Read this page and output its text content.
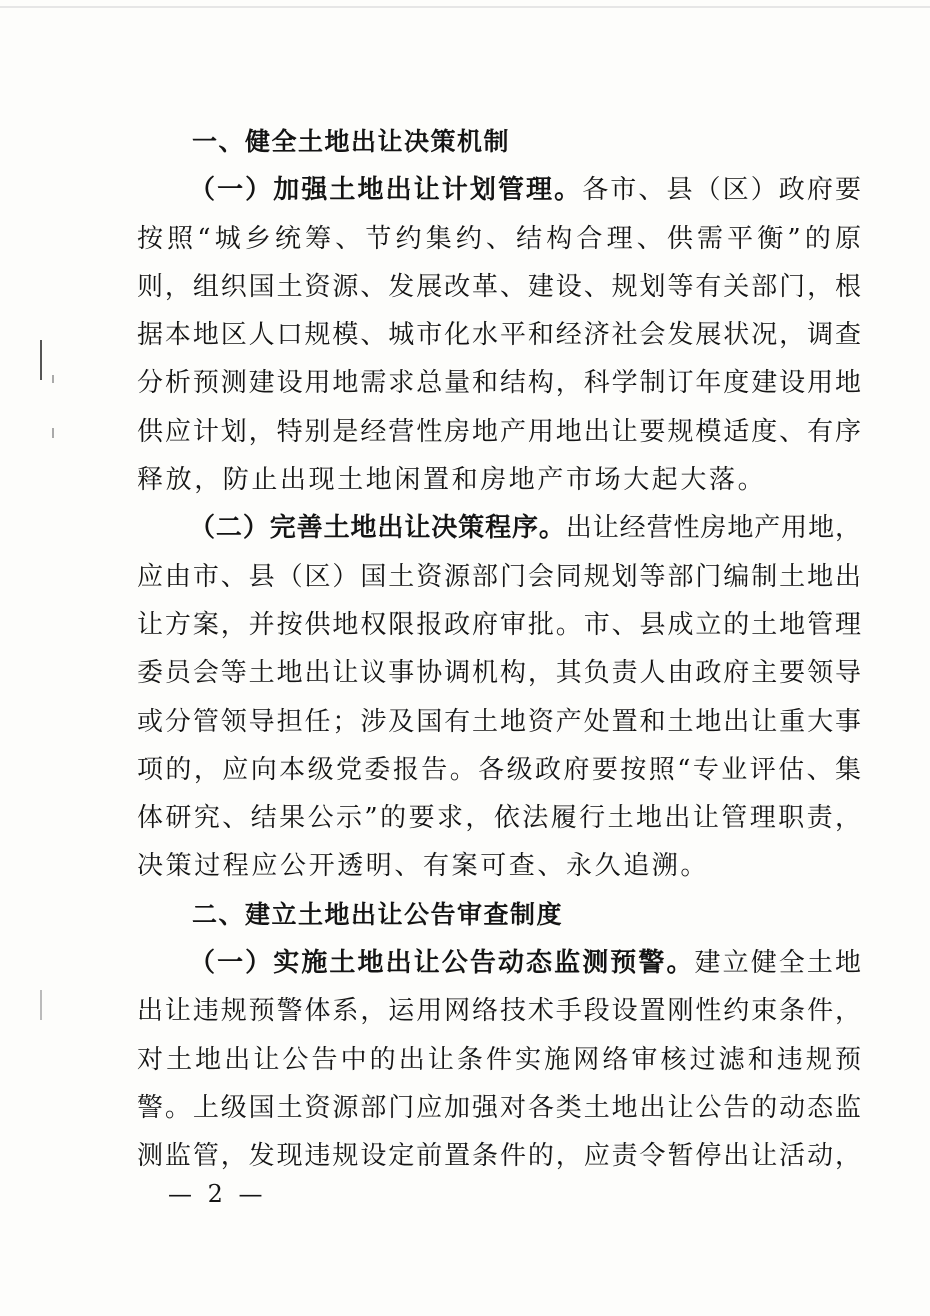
一、健全土地出让决策机制
（一）加强土地出让计划管理。各市、县（区）政府要
按照“城乡统筹、节约集约、结构合理、供需平衡”的原
则，组织国土资源、发展改革、建设、规划等有关部门，根
据本地区人口规模、城市化水平和经济社会发展状况，调查
分析预测建设用地需求总量和结构，科学制订年度建设用地
供应计划，特别是经营性房地产用地出让要规模适度、有序
释放，防止出现土地闲置和房地产市场大起大落。
（二）完善土地出让决策程序。出让经营性房地产用地，
应由市、县（区）国土资源部门会同规划等部门编制土地出
让方案，并按供地权限报政府审批。市、县成立的土地管理
委员会等土地出让议事协调机构，其负责人由政府主要领导
或分管领导担任；涉及国有土地资产处置和土地出让重大事
项的，应向本级党委报告。各级政府要按照“专业评估、集
体研究、结果公示”的要求，依法履行土地出让管理职责，
决策过程应公开透明、有案可查、永久追溯。
二、建立土地出让公告审查制度
（一）实施土地出让公告动态监测预警。建立健全土地
出让违规预警体系，运用网络技术手段设置刚性约束条件，
对土地出让公告中的出让条件实施网络审核过滤和违规预
警。上级国土资源部门应加强对各类土地出让公告的动态监
测监管，发现违规设定前置条件的，应责令暂停出让活动，
— 2 —
